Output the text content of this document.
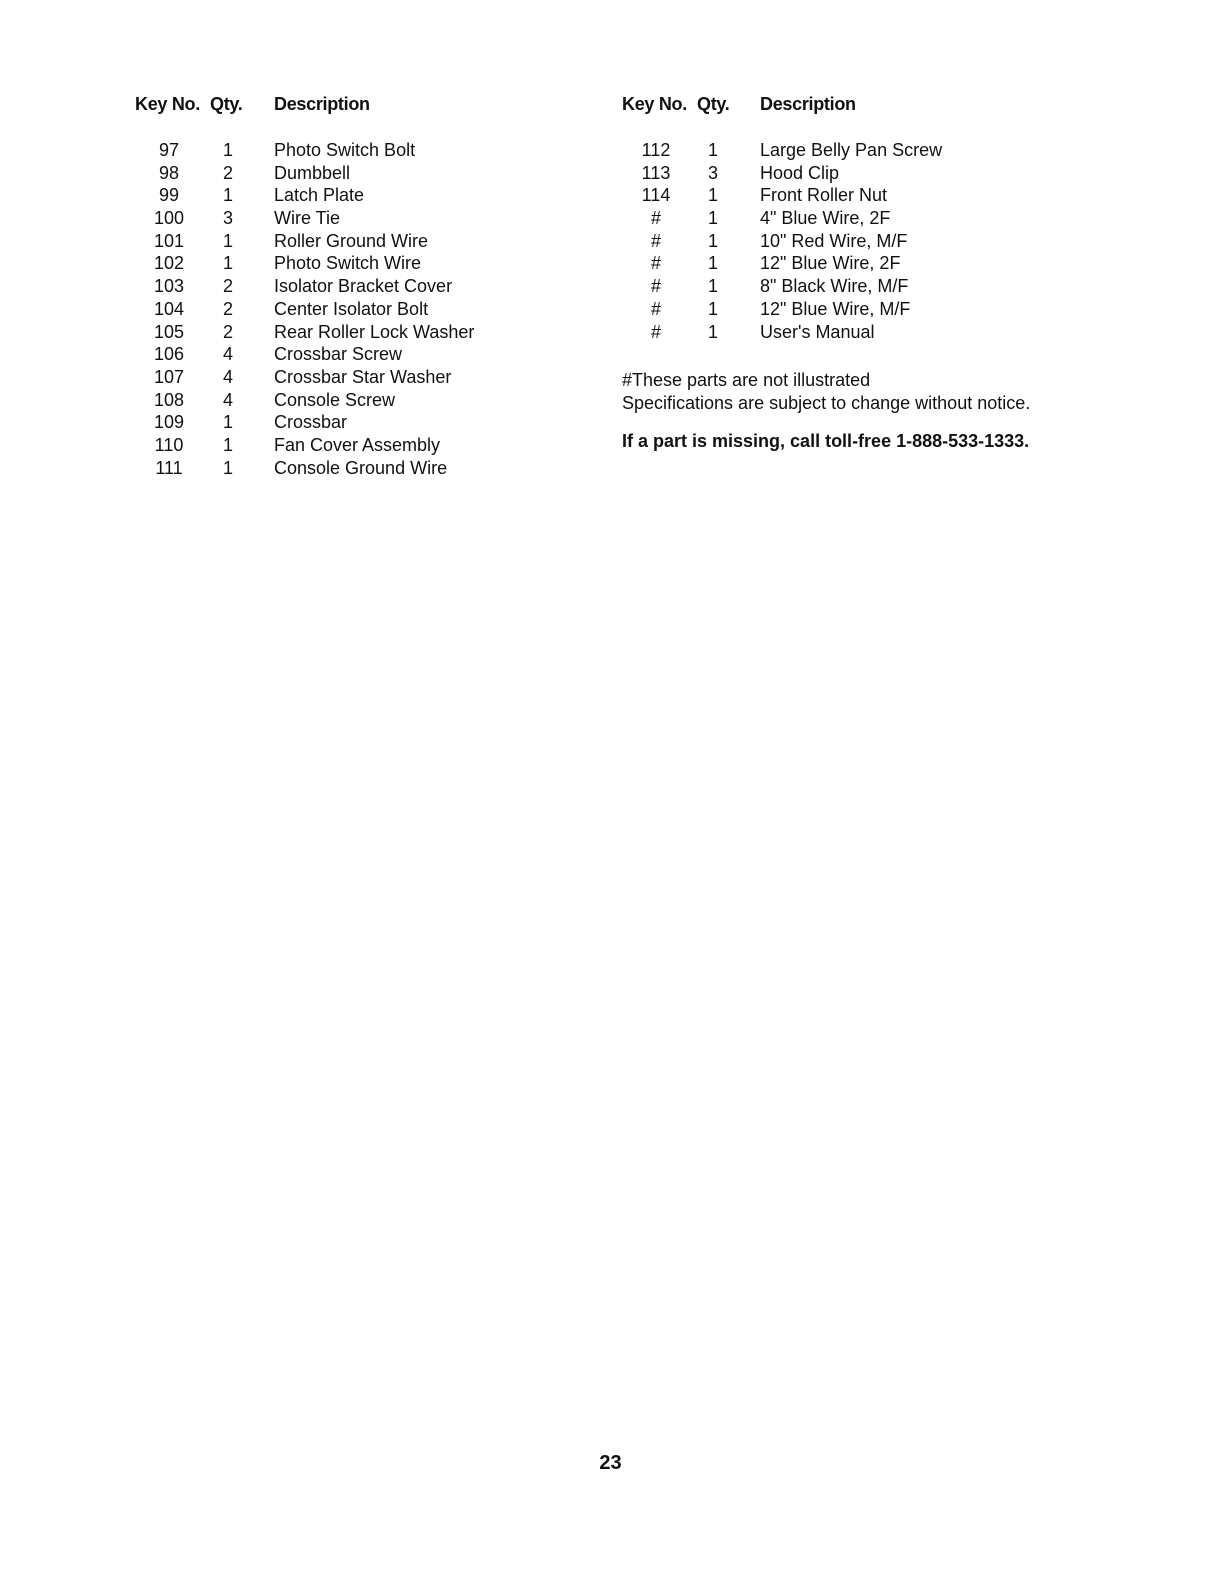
Key No. Qty. Description
97	1 Photo Switch Bolt
98	2 Dumbbell
99	1 Latch Plate
100	3 Wire Tie
101	1 Roller Ground Wire
102	1 Photo Switch Wire
103	2 Isolator Bracket Cover
104	2 Center Isolator Bolt
105	2 Rear Roller Lock Washer
106	4 Crossbar Screw
107	4 Crossbar Star Washer
108	4 Console Screw
109	1 Crossbar
110	1 Fan Cover Assembly
111	1 Console Ground Wire
Key No. Qty. Description
112	1 Large Belly Pan Screw
113	3 Hood Clip
114	1 Front Roller Nut
#	1 4" Blue Wire, 2F
#	1 10" Red Wire, M/F
#	1 12" Blue Wire, 2F
#	1 8" Black Wire, M/F
#	1 12" Blue Wire, M/F
#	1 User's Manual
#These parts are not illustrated
Specifications are subject to change without notice.
If a part is missing, call toll-free 1-888-533-1333.
23
